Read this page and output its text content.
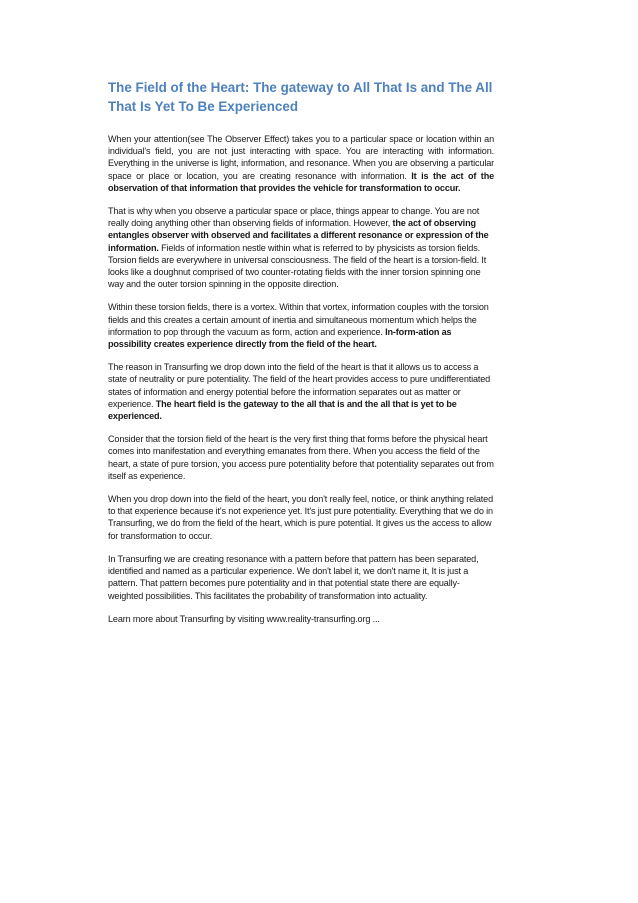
The Field of the Heart: The gateway to All That Is and The All That Is Yet To Be Experienced

When your attention(see The Observer Effect) takes you to a particular space or location within an individual's field, you are not just interacting with space. You are interacting with information. Everything in the universe is light, information, and resonance. When you are observing a particular space or place or location, you are creating resonance with information. It is the act of the observation of that information that provides the vehicle for transformation to occur.

That is why when you observe a particular space or place, things appear to change. You are not really doing anything other than observing fields of information. However, the act of observing entangles observer with observed and facilitates a different resonance or expression of the information. Fields of information nestle within what is referred to by physicists as torsion fields. Torsion fields are everywhere in universal consciousness. The field of the heart is a torsion-field. It looks like a doughnut comprised of two counter-rotating fields with the inner torsion spinning one way and the outer torsion spinning in the opposite direction.

Within these torsion fields, there is a vortex. Within that vortex, information couples with the torsion fields and this creates a certain amount of inertia and simultaneous momentum which helps the information to pop through the vacuum as form, action and experience. In-form-ation as possibility creates experience directly from the field of the heart.

The reason in Transurfing we drop down into the field of the heart is that it allows us to access a state of neutrality or pure potentiality. The field of the heart provides access to pure undifferentiated states of information and energy potential before the information separates out as matter or experience. The heart field is the gateway to the all that is and the all that is yet to be experienced.

Consider that the torsion field of the heart is the very first thing that forms before the physical heart comes into manifestation and everything emanates from there. When you access the field of the heart, a state of pure torsion, you access pure potentiality before that potentiality separates out from itself as experience.

When you drop down into the field of the heart, you don't really feel, notice, or think anything related to that experience because it's not experience yet. It's just pure potentiality. Everything that we do in Transurfing, we do from the field of the heart, which is pure potential. It gives us the access to allow for transformation to occur.

In Transurfing we are creating resonance with a pattern before that pattern has been separated, identified and named as a particular experience. We don't label it, we don't name it, It is just a pattern. That pattern becomes pure potentiality and in that potential state there are equally-weighted possibilities. This facilitates the probability of transformation into actuality.

Learn more about Transurfing by visiting www.reality-transurfing.org ...
